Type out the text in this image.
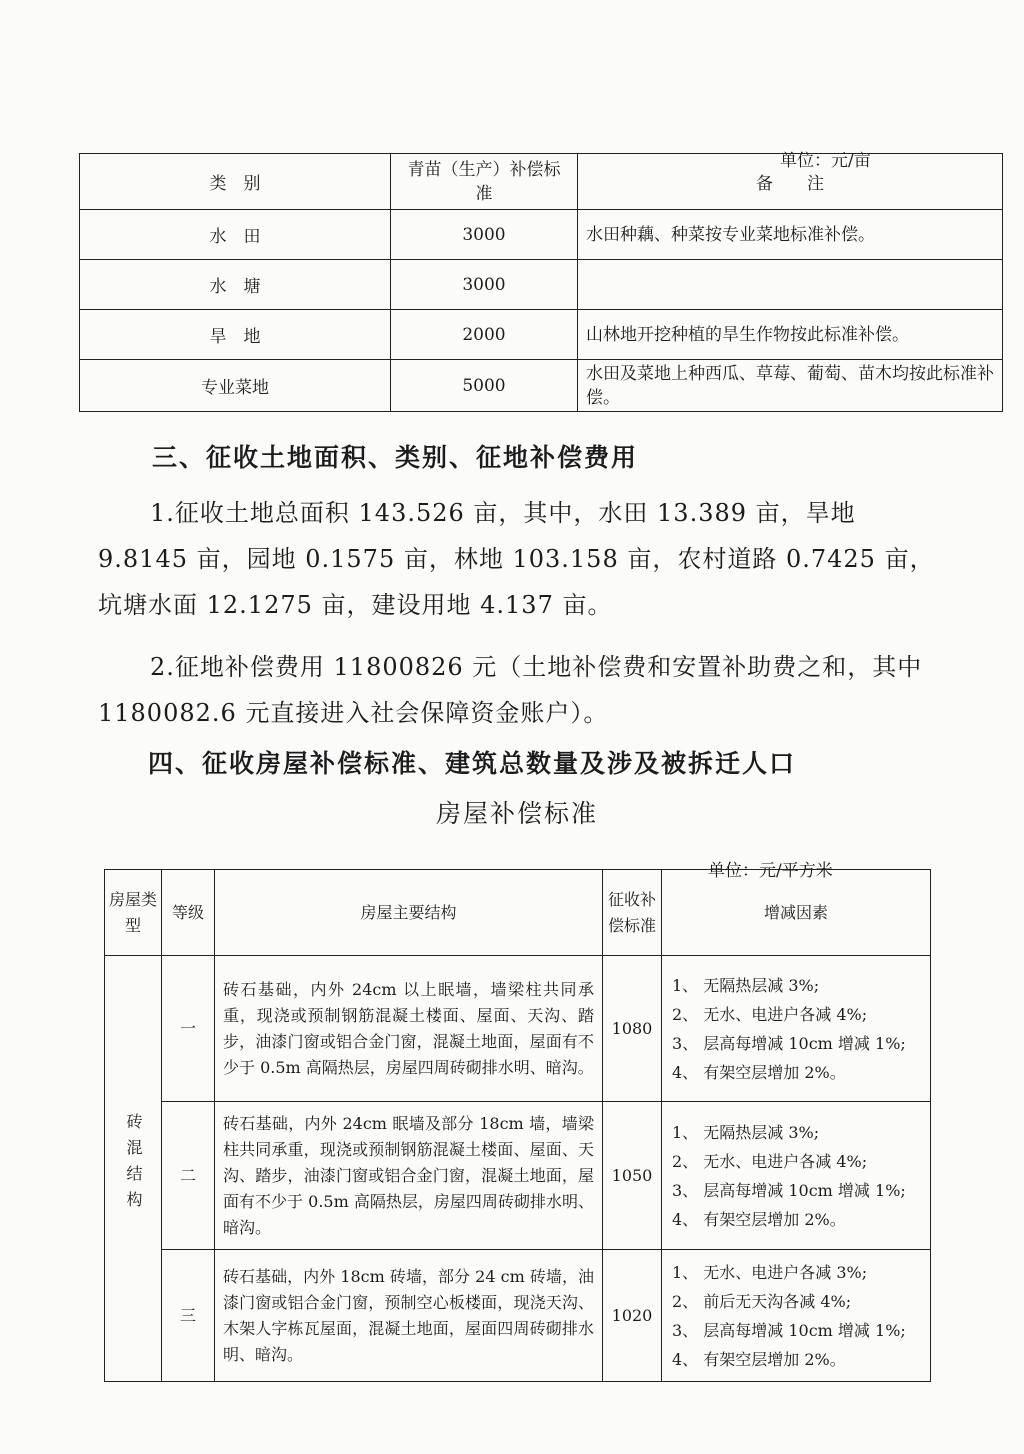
单位：元/亩
类　别	青苗（生产）补偿标准	备　　注
水　田	3000	水田种藕、种菜按专业菜地标准补偿。
水　塘	3000	
旱　地	2000	山林地开挖种植的旱生作物按此标准补偿。
专业菜地	5000	水田及菜地上种西瓜、草莓、葡萄、苗木均按此标准补偿。
三、征收土地面积、类别、征地补偿费用
1.征收土地总面积 143.526 亩，其中，水田 13.389 亩，旱地 9.8145 亩，园地 0.1575 亩，林地 103.158 亩，农村道路 0.7425 亩，坑塘水面 12.1275 亩，建设用地 4.137 亩。
2.征地补偿费用 11800826 元（土地补偿费和安置补助费之和，其中 1180082.6 元直接进入社会保障资金账户）。
四、征收房屋补偿标准、建筑总数量及涉及被拆迁人口
房屋补偿标准
单位：元/平方米
房屋类型	等级	房屋主要结构	征收补偿标准	增减因素
砖混结构	一	砖石基础，内外 24cm 以上眠墙，墙梁柱共同承重，现浇或预制钢筋混凝土楼面、屋面、天沟、踏步，油漆门窗或铝合金门窗，混凝土地面，屋面有不少于 0.5m 高隔热层，房屋四周砖砌排水明、暗沟。	1080	1、 无隔热层减 3%;
2、 无水、电进户各减 4%;
3、 层高每增减 10cm 增减 1%;
4、 有架空层增加 2%。

	二	砖石基础，内外 24cm 眠墙及部分 18cm 墙，墙梁柱共同承重，现浇或预制钢筋混凝土楼面、屋面、天沟、踏步，油漆门窗或铝合金门窗，混凝土地面，屋面有不少于 0.5m 高隔热层，房屋四周砖砌排水明、暗沟。	1050	1、 无隔热层减 3%;
2、 无水、电进户各减 4%;
3、 层高每增减 10cm 增减 1%;
4、 有架空层增加 2%。

	三	砖石基础，内外 18cm 砖墙，部分 24 cm 砖墙，油漆门窗或铝合金门窗，预制空心板楼面，现浇天沟、木架人字栋瓦屋面，混凝土地面，屋面四周砖砌排水明、暗沟。	1020	1、 无水、电进户各减 3%;
2、 前后无天沟各减 4%;
3、 层高每增减 10cm 增减 1%;
4、 有架空层增加 2%。
